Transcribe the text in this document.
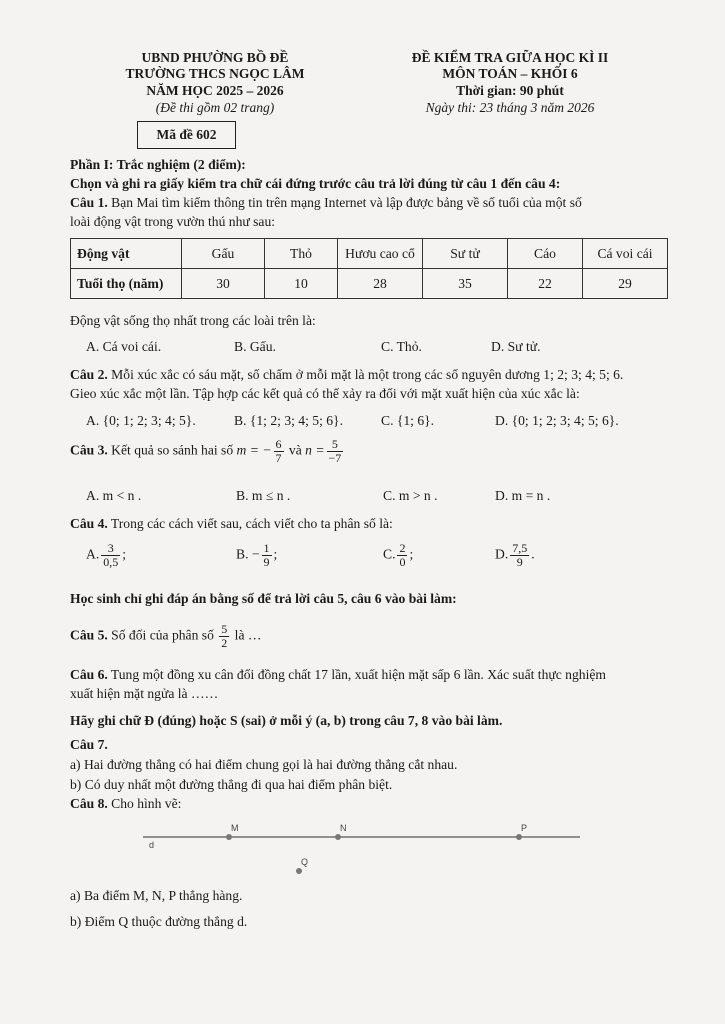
UBND PHƯỜNG BỒ ĐỀ
TRƯỜNG THCS NGỌC LÂM
NĂM HỌC 2025 – 2026
(Đề thi gồm 02 trang)
Mã đề 602
ĐỀ KIỂM TRA GIỮA HỌC KÌ II
MÔN TOÁN – KHỐI 6
Thời gian: 90 phút
Ngày thi: 23 tháng 3 năm 2026
Phần I: Trắc nghiệm (2 điểm):
Chọn và ghi ra giấy kiểm tra chữ cái đứng trước câu trả lời đúng từ câu 1 đến câu 4:
Câu 1. Bạn Mai tìm kiếm thông tin trên mạng Internet và lập được bảng về số tuổi của một số
loài động vật trong vườn thú như sau:
Động vật	Gấu	Thỏ	Hươu cao cổ	Sư tử	Cáo	Cá voi cái
Tuổi thọ (năm)	30	10	28	35	22	29
Động vật sống thọ nhất trong các loài trên là:
A. Cá voi cái.	B. Gấu.	C. Thỏ.	D. Sư tử.
Câu 2. Mỗi xúc xắc có sáu mặt, số chấm ở mỗi mặt là một trong các số nguyên dương 1; 2; 3; 4; 5; 6.
Gieo xúc xắc một lần. Tập hợp các kết quả có thể xảy ra đối với mặt xuất hiện của xúc xắc là:
A. {0; 1; 2; 3; 4; 5}.	B. {1; 2; 3; 4; 5; 6}.	C. {1; 6}.	D. {0; 1; 2; 3; 4; 5; 6}.
Câu 3. Kết quả so sánh hai số m = − $\frac{6}{7}$ và $n = \frac{5}{-7}$
A. m < n .	B. m ≤ n .	C. m > n .	D. m = n .
Câu 4. Trong các cách viết sau, cách viết cho ta phân số là:
A. $\frac{3}{0,5}$ ;	B. − $\frac{1}{9}$ ;	C. $\frac{2}{0}$ ;	D. $\frac{7,5}{9}$ .
Học sinh chỉ ghi đáp án bằng số để trả lời câu 5, câu 6 vào bài làm:
Câu 5. Số đối của phân số $\frac{5}{2}$ là …
Câu 6. Tung một đồng xu cân đối đồng chất 17 lần, xuất hiện mặt sấp 6 lần. Xác suất thực nghiệm
xuất hiện mặt ngửa là ……
Hãy ghi chữ Đ (đúng) hoặc S (sai) ở mỗi ý (a, b) trong câu 7, 8 vào bài làm.
Câu 7.
a) Hai đường thẳng có hai điểm chung gọi là hai đường thẳng cắt nhau.
b) Có duy nhất một đường thẳng đi qua hai điểm phân biệt.
Câu 8. Cho hình vẽ:
d
M	N	P
Q
a) Ba điểm M, N, P thẳng hàng.
b) Điểm Q thuộc đường thẳng d.
